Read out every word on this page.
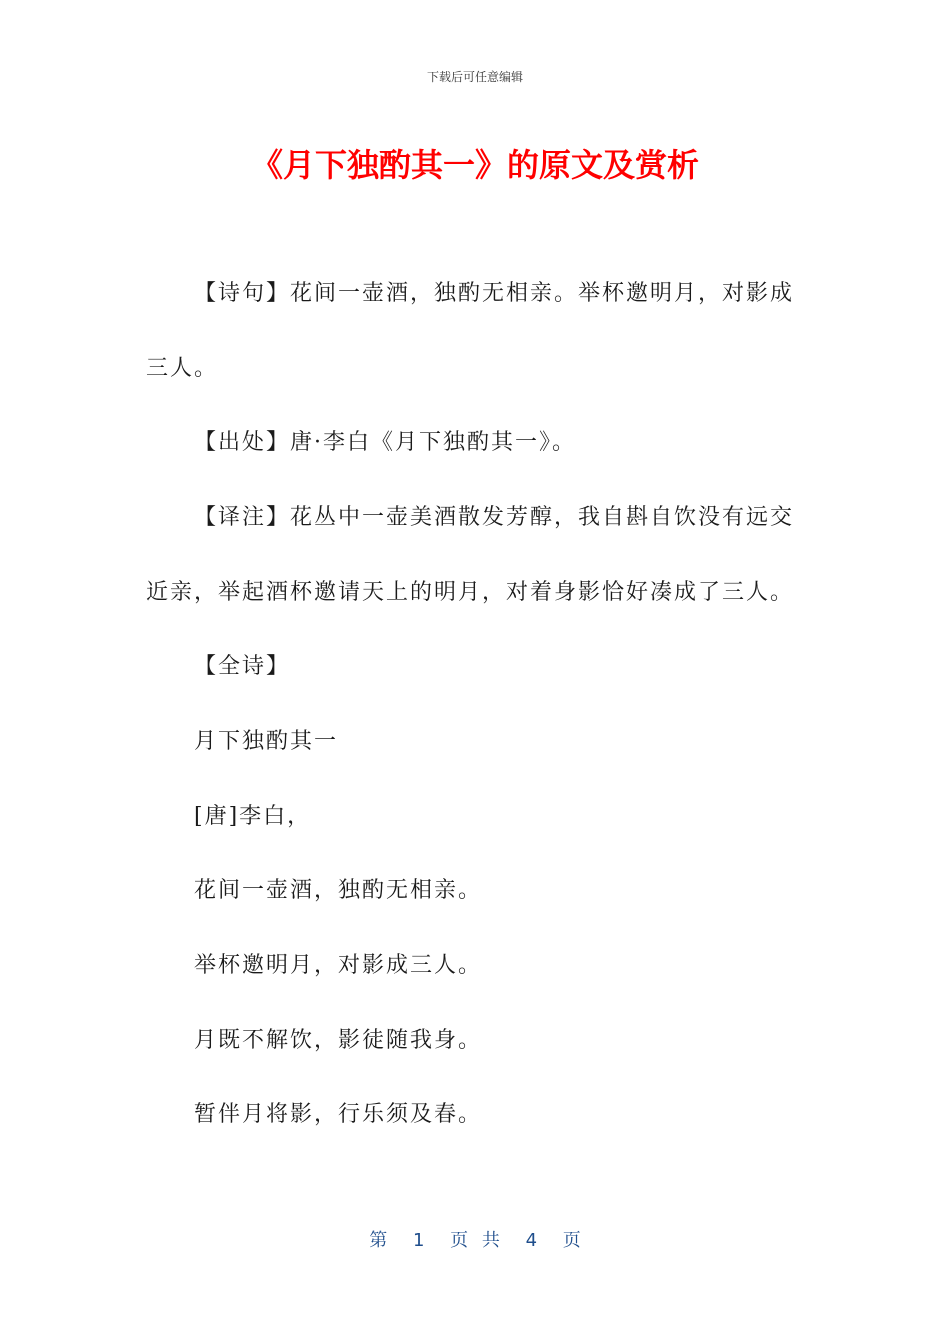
下载后可任意编辑
《月下独酌其一》的原文及赏析

【诗句】花间一壶酒，独酌无相亲。举杯邀明月，对影成

三人。

【出处】唐·李白《月下独酌其一》。

【译注】花丛中一壶美酒散发芳醇，我自斟自饮没有远交

近亲，举起酒杯邀请天上的明月，对着身影恰好凑成了三人。

【全诗】

月下独酌其一

[唐]李白，

花间一壶酒，独酌无相亲。

举杯邀明月，对影成三人。

月既不解饮，影徒随我身。

暂伴月将影，行乐须及春。

第 1 页 共 4 页
